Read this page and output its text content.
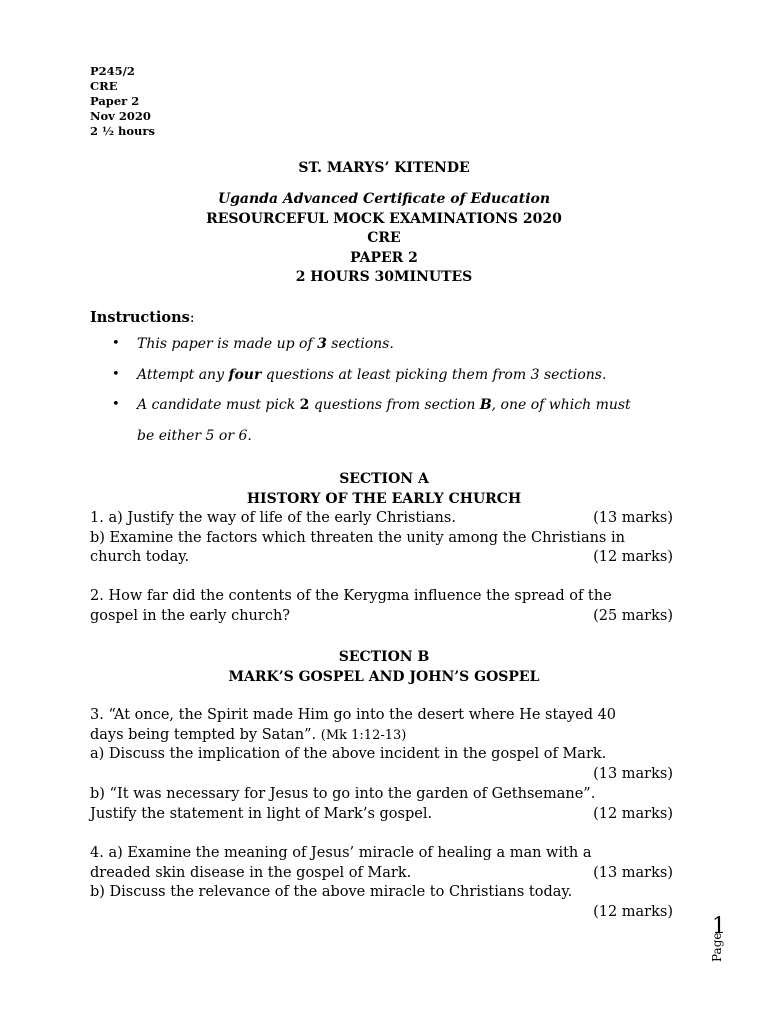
P245/2
CRE
Paper 2
Nov 2020
2 ½ hours
ST. MARYS’ KITENDE
Uganda Advanced Certificate of Education
RESOURCEFUL MOCK EXAMINATIONS 2020
CRE
PAPER 2
2 HOURS 30MINUTES
Instructions:
• This paper is made up of 3 sections.
• Attempt any four questions at least picking them from 3 sections.
• A candidate must pick 2 questions from section B, one of which must
be either 5 or 6.
SECTION A
HISTORY OF THE EARLY CHURCH
1. a) Justify the way of life of the early Christians.	(13 marks)
b) Examine the factors which threaten the unity among the Christians in
church today.	(12 marks)
2. How far did the contents of the Kerygma influence the spread of the
gospel in the early church?	(25 marks)
SECTION B
MARK’S GOSPEL AND JOHN’S GOSPEL
3. “At once, the Spirit made Him go into the desert where He stayed 40
days being tempted by Satan”. (Mk 1:12-13)
a) Discuss the implication of the above incident in the gospel of Mark.
(13 marks)
b) “It was necessary for Jesus to go into the garden of Gethsemane”.
Justify the statement in light of Mark’s gospel.	(12 marks)
4. a) Examine the meaning of Jesus’ miracle of healing a man with a
dreaded skin disease in the gospel of Mark.	(13 marks)
b) Discuss the relevance of the above miracle to Christians today.
(12 marks)
Page
1
